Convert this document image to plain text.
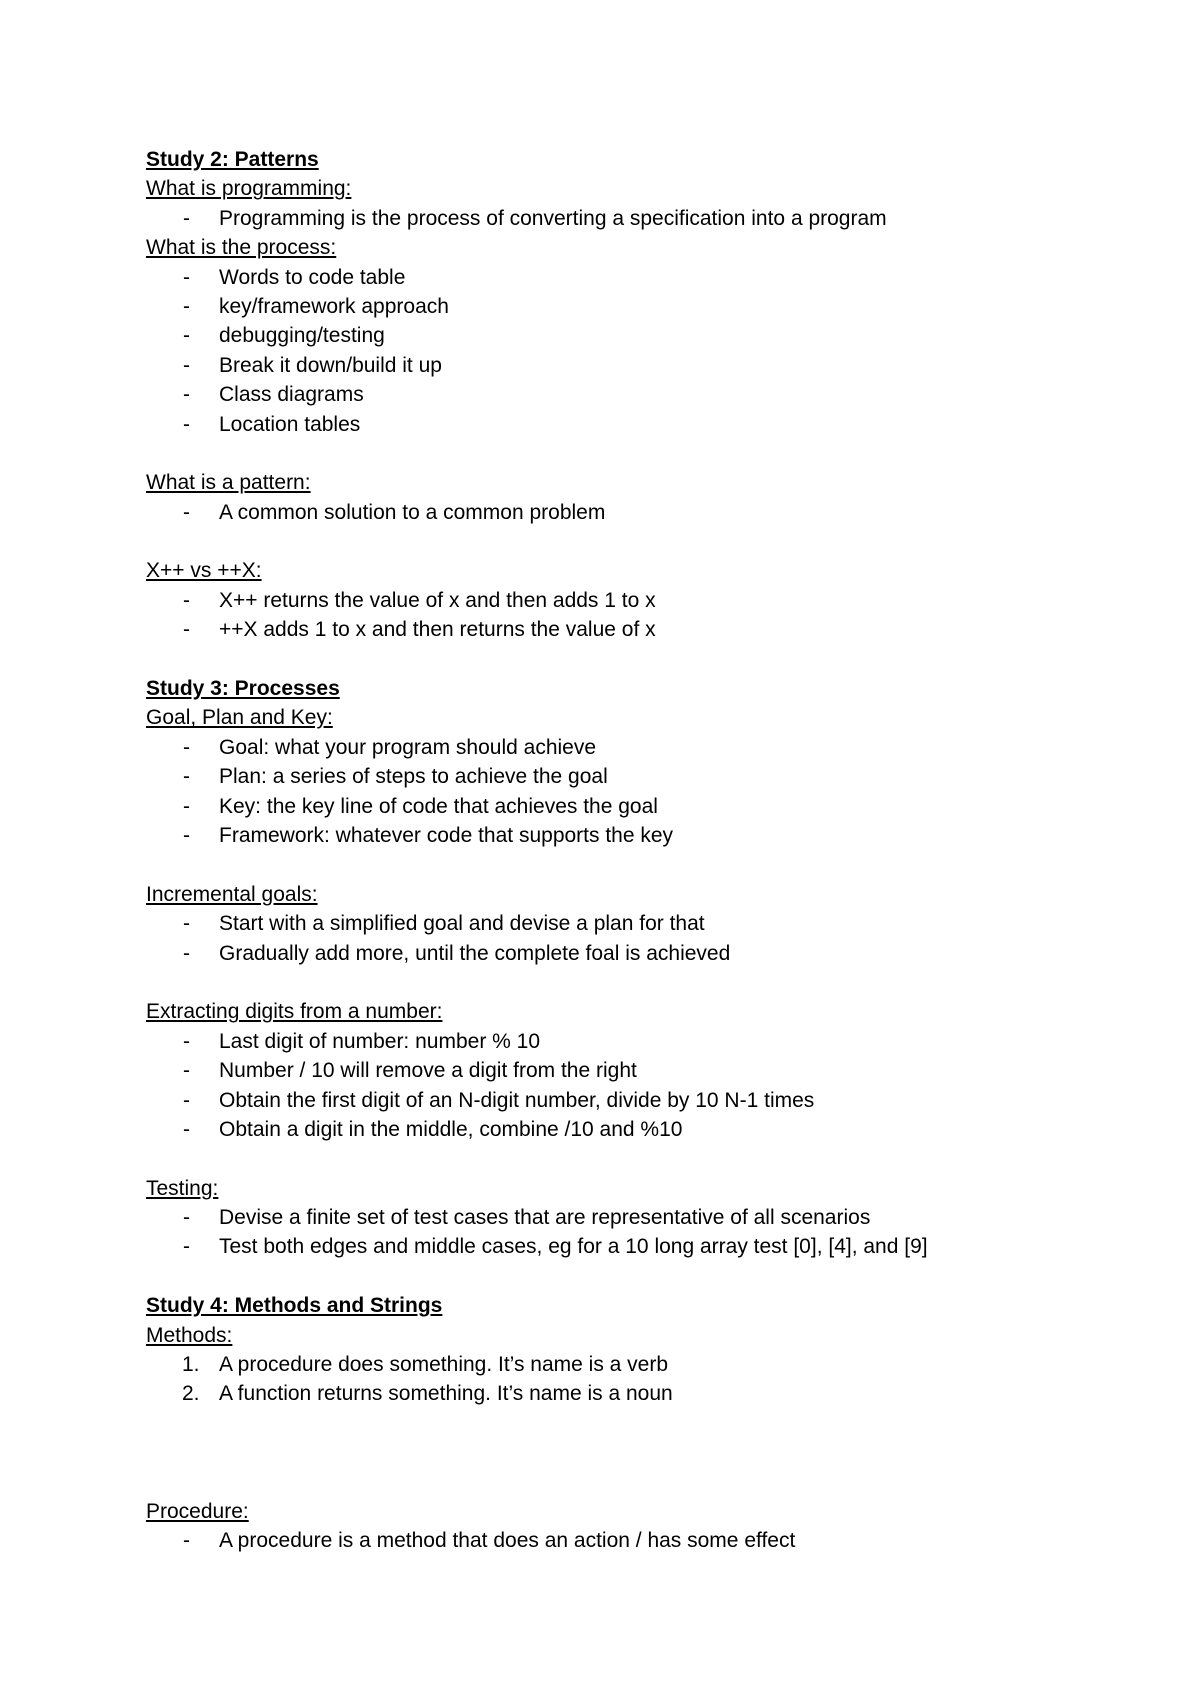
Study 2: Patterns
What is programming:
- Programming is the process of converting a specification into a program
What is the process:
- Words to code table
- key/framework approach
- debugging/testing
- Break it down/build it up
- Class diagrams
- Location tables
What is a pattern:
- A common solution to a common problem
X++ vs ++X:
- X++ returns the value of x and then adds 1 to x
- ++X adds 1 to x and then returns the value of x
Study 3: Processes
Goal, Plan and Key:
- Goal: what your program should achieve
- Plan: a series of steps to achieve the goal
- Key: the key line of code that achieves the goal
- Framework: whatever code that supports the key
Incremental goals:
- Start with a simplified goal and devise a plan for that
- Gradually add more, until the complete foal is achieved
Extracting digits from a number:
- Last digit of number: number % 10
- Number / 10 will remove a digit from the right
- Obtain the first digit of an N-digit number, divide by 10 N-1 times
- Obtain a digit in the middle, combine /10 and %10
Testing:
- Devise a finite set of test cases that are representative of all scenarios
- Test both edges and middle cases, eg for a 10 long array test [0], [4], and [9]
Study 4: Methods and Strings
Methods:
1. A procedure does something. It’s name is a verb
2. A function returns something. It’s name is a noun
Procedure:
- A procedure is a method that does an action / has some effect
